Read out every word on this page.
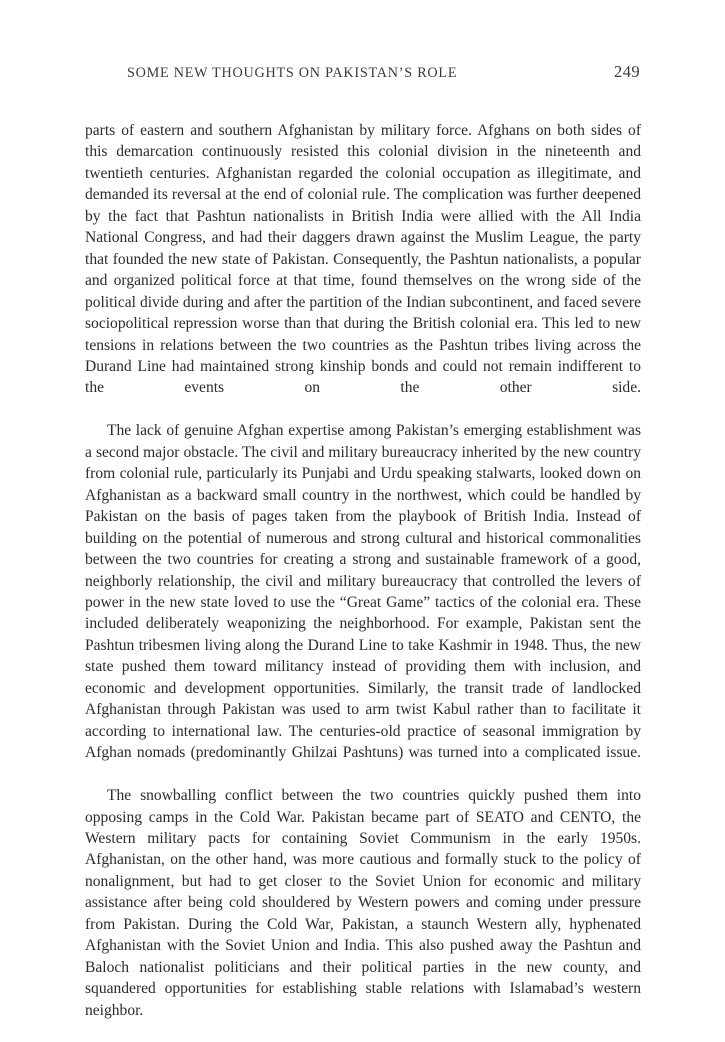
SOME NEW THOUGHTS ON PAKISTAN’S ROLE	249

parts of eastern and southern Afghanistan by military force. Afghans on both sides of this demarcation continuously resisted this colonial division in the nineteenth and twentieth centuries. Afghanistan regarded the colonial occupation as illegitimate, and demanded its reversal at the end of colonial rule. The complication was further deepened by the fact that Pashtun nationalists in British India were allied with the All India National Congress, and had their daggers drawn against the Muslim League, the party that founded the new state of Pakistan. Consequently, the Pashtun nationalists, a popular and organized political force at that time, found themselves on the wrong side of the political divide during and after the partition of the Indian subcontinent, and faced severe sociopolitical repression worse than that during the British colonial era. This led to new tensions in relations between the two countries as the Pashtun tribes living across the Durand Line had maintained strong kinship bonds and could not remain indifferent to the events on the other side.

The lack of genuine Afghan expertise among Pakistan’s emerging establishment was a second major obstacle. The civil and military bureaucracy inherited by the new country from colonial rule, particularly its Punjabi and Urdu speaking stalwarts, looked down on Afghanistan as a backward small country in the northwest, which could be handled by Pakistan on the basis of pages taken from the playbook of British India. Instead of building on the potential of numerous and strong cultural and historical commonalities between the two countries for creating a strong and sustainable framework of a good, neighborly relationship, the civil and military bureaucracy that controlled the levers of power in the new state loved to use the “Great Game” tactics of the colonial era. These included deliberately weaponizing the neighborhood. For example, Pakistan sent the Pashtun tribesmen living along the Durand Line to take Kashmir in 1948. Thus, the new state pushed them toward militancy instead of providing them with inclusion, and economic and development opportunities. Similarly, the transit trade of landlocked Afghanistan through Pakistan was used to arm twist Kabul rather than to facilitate it according to international law. The centuries-old practice of seasonal immigration by Afghan nomads (predominantly Ghilzai Pashtuns) was turned into a complicated issue.

The snowballing conflict between the two countries quickly pushed them into opposing camps in the Cold War. Pakistan became part of SEATO and CENTO, the Western military pacts for containing Soviet Communism in the early 1950s. Afghanistan, on the other hand, was more cautious and formally stuck to the policy of nonalignment, but had to get closer to the Soviet Union for economic and military assistance after being cold shouldered by Western powers and coming under pressure from Pakistan. During the Cold War, Pakistan, a staunch Western ally, hyphenated Afghanistan with the Soviet Union and India. This also pushed away the Pashtun and Baloch nationalist politicians and their political parties in the new county, and squandered opportunities for establishing stable relations with Islamabad’s western neighbor.
